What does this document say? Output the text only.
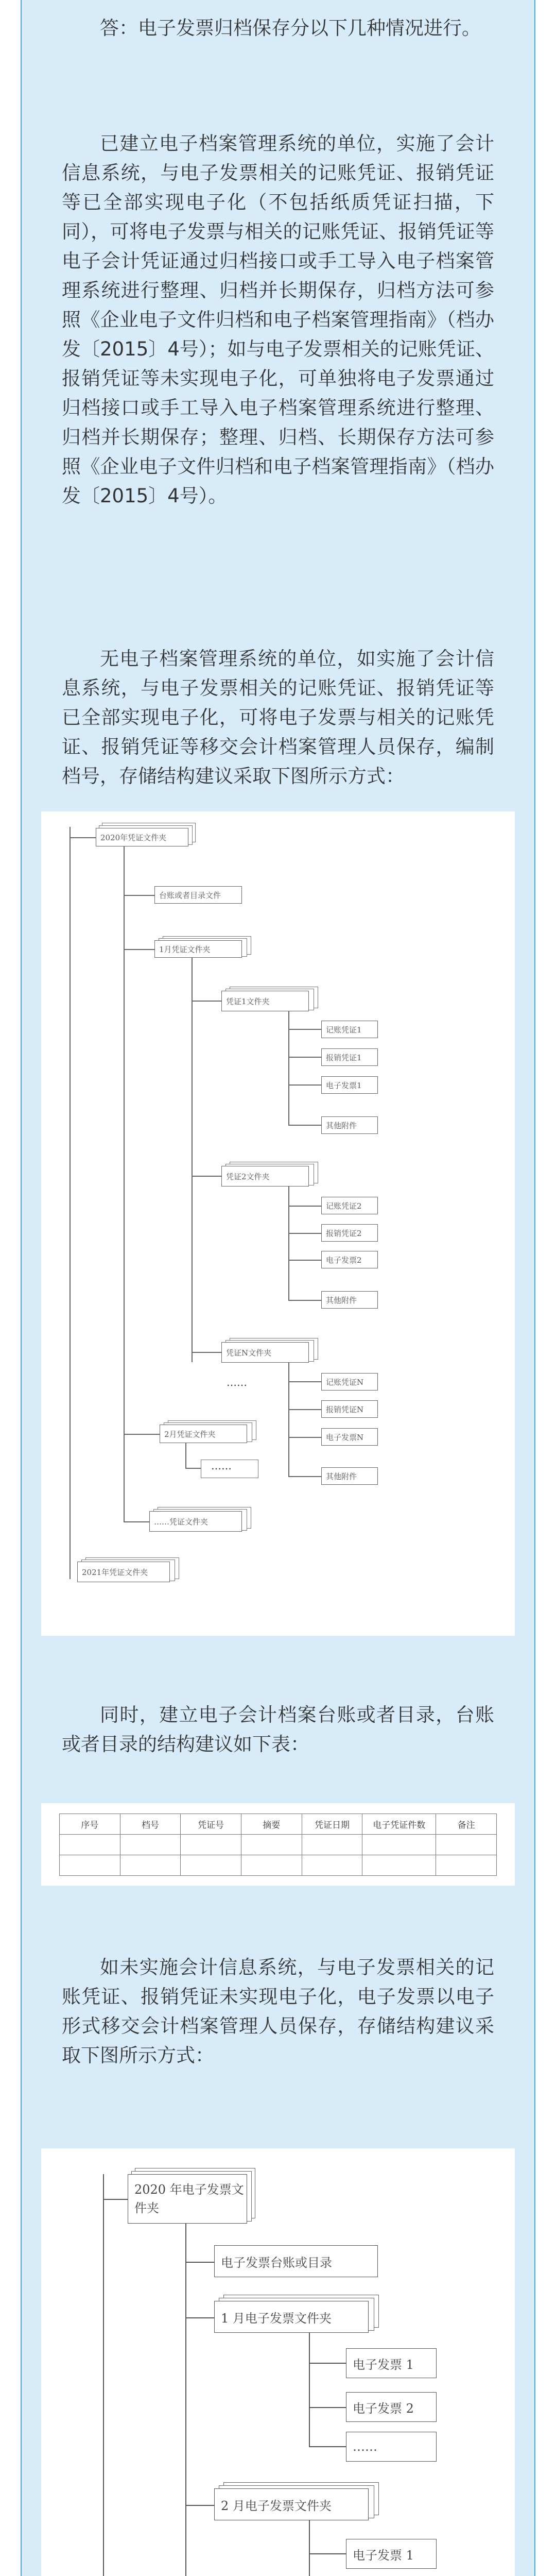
答：电子发票归档保存分以下几种情况进行。

已建立电子档案管理系统的单位，实施了会计信息系统，与电子发票相关的记账凭证、报销凭证等已全部实现电子化（不包括纸质凭证扫描，下同），可将电子发票与相关的记账凭证、报销凭证等电子会计凭证通过归档接口或手工导入电子档案管理系统进行整理、归档并长期保存，归档方法可参照《企业电子文件归档和电子档案管理指南》（档办发〔2015〕4号）；如与电子发票相关的记账凭证、报销凭证等未实现电子化，可单独将电子发票通过归档接口或手工导入电子档案管理系统进行整理、归档并长期保存；整理、归档、长期保存方法可参照《企业电子文件归档和电子档案管理指南》（档办发〔2015〕4号）。

无电子档案管理系统的单位，如实施了会计信息系统，与电子发票相关的记账凭证、报销凭证等已全部实现电子化，可将电子发票与相关的记账凭证、报销凭证等移交会计档案管理人员保存，编制档号，存储结构建议采取下图所示方式：

2020年凭证文件夹
台账或者目录文件
1月凭证文件夹
凭证1文件夹
记账凭证1
报销凭证1
电子发票1
其他附件
凭证2文件夹
记账凭证2
报销凭证2
电子发票2
其他附件
凭证N文件夹
记账凭证N
报销凭证N
电子发票N
其他附件
……
2月凭证文件夹
……
……凭证文件夹
2021年凭证文件夹

同时，建立电子会计档案台账或者目录，台账或者目录的结构建议如下表：

序号	档号	凭证号	摘要	凭证日期	电子凭证件数	备注

如未实施会计信息系统，与电子发票相关的记账凭证、报销凭证未实现电子化，电子发票以电子形式移交会计档案管理人员保存，存储结构建议采取下图所示方式：

2020 年电子发票文件夹
电子发票台账或目录
1 月电子发票文件夹
电子发票 1
电子发票 2
……
2 月电子发票文件夹
电子发票 1
